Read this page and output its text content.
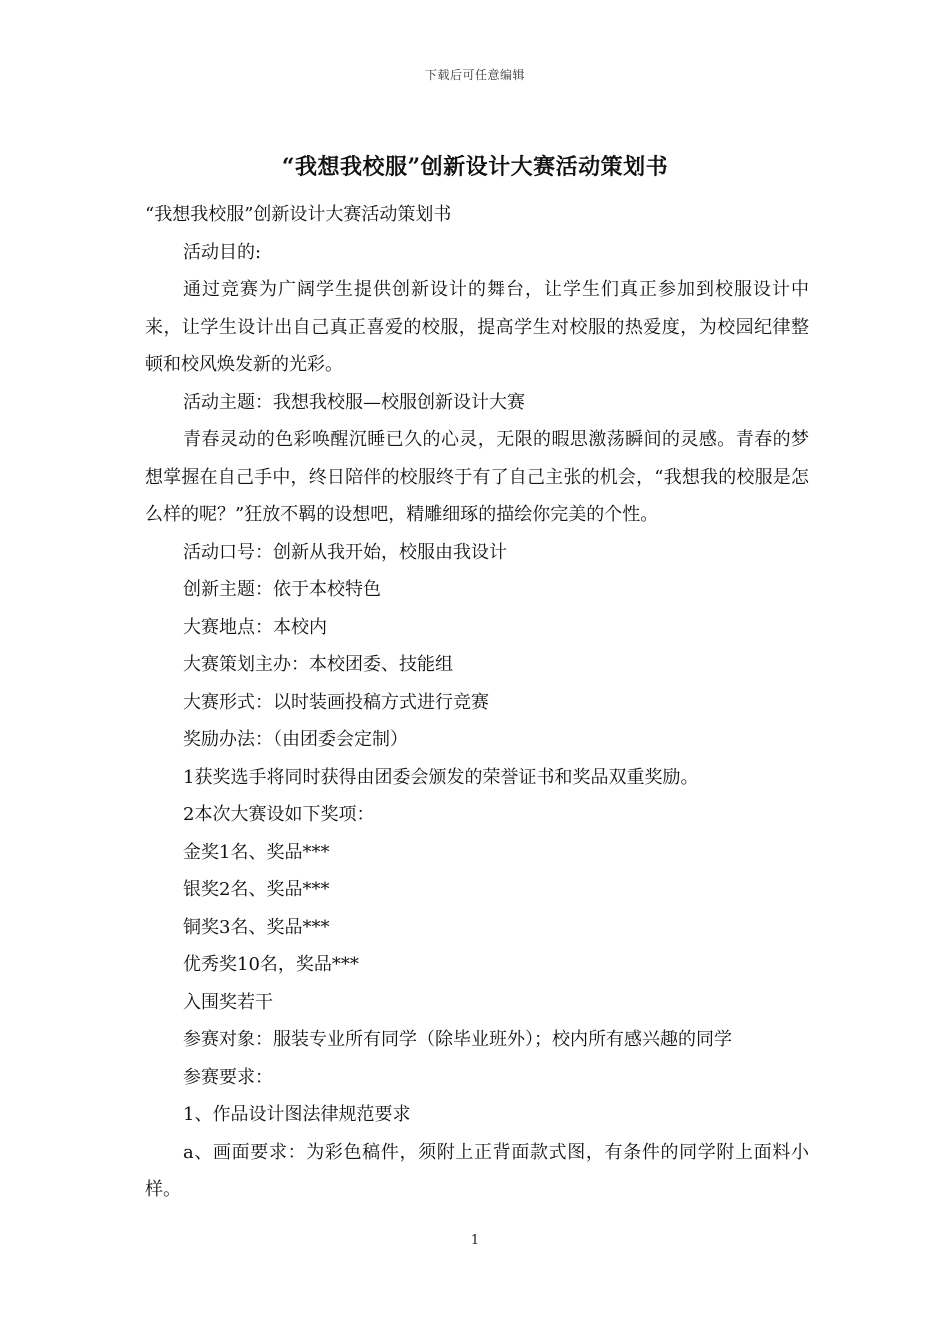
下载后可任意编辑
“我想我校服”创新设计大赛活动策划书
“我想我校服”创新设计大赛活动策划书
活动目的:
通过竞赛为广阔学生提供创新设计的舞台，让学生们真正参加到校服设计中来，让学生设计出自己真正喜爱的校服，提高学生对校服的热爱度，为校园纪律整顿和校风焕发新的光彩。
活动主题：我想我校服—校服创新设计大赛
青春灵动的色彩唤醒沉睡已久的心灵，无限的暇思激荡瞬间的灵感。青春的梦想掌握在自己手中，终日陪伴的校服终于有了自己主张的机会，“我想我的校服是怎么样的呢？”狂放不羁的设想吧，精雕细琢的描绘你完美的个性。
活动口号：创新从我开始，校服由我设计
创新主题：依于本校特色
大赛地点：本校内
大赛策划主办：本校团委、技能组
大赛形式：以时装画投稿方式进行竞赛
奖励办法：（由团委会定制）
1获奖选手将同时获得由团委会颁发的荣誉证书和奖品双重奖励。
2本次大赛设如下奖项：
金奖1名、奖品***
银奖2名、奖品***
铜奖3名、奖品***
优秀奖10名，奖品***
入围奖若干
参赛对象：服装专业所有同学（除毕业班外）；校内所有感兴趣的同学
参赛要求：
1、作品设计图法律规范要求
a、画面要求：为彩色稿件，须附上正背面款式图，有条件的同学附上面料小样。
1
